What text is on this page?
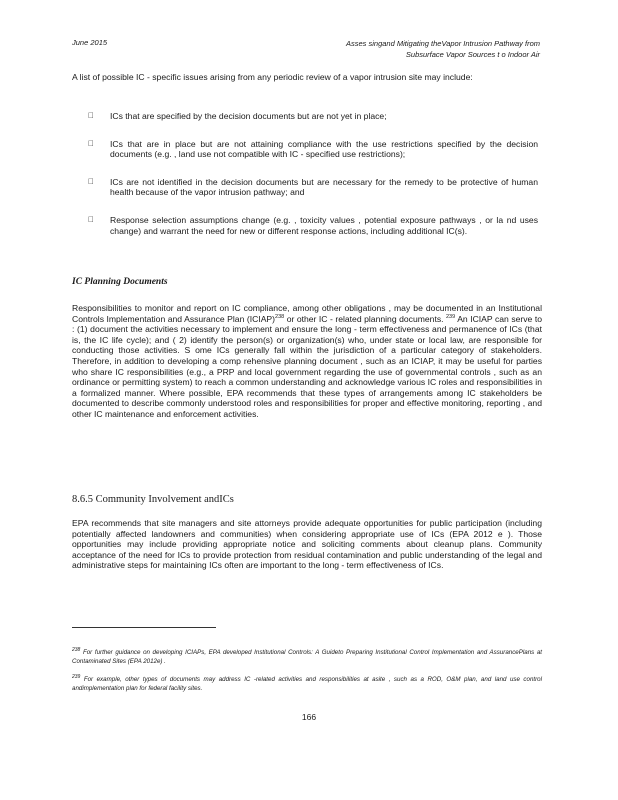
June 2015	Asses singand Mitigating theVapor Intrusion Pathway from
Subsurface Vapor Sources t o Indoor Air
A list of possible IC - specific issues arising from any periodic review of a vapor intrusion site may include:
ICs that are specified by the decision documents but are not yet in place;
ICs that are in place but are not attaining compliance with the use restrictions specified by the decision documents (e.g. , land use not compatible with IC - specified use restrictions);
ICs are not identified in the decision documents but are necessary for the remedy to be protective of human health because of the vapor intrusion pathway; and
Response selection assumptions change (e.g. , toxicity values , potential exposure pathways , or la nd uses change) and warrant the need for new or different response actions, including additional IC(s).
IC Planning Documents
Responsibilities to monitor and report on IC compliance, among other obligations , may be documented in an Institutional Controls Implementation and Assurance Plan (ICIAP)$^{238}$ or other IC - related planning documents. $^{239}$ An ICIAP can serve to : (1) document the activities necessary to implement and ensure the long - term effectiveness and permanence of ICs (that is, the IC life cycle); and ( 2) identify the person(s) or organization(s) who, under state or local law, are responsible for conducting those activities. S ome ICs generally fall within the jurisdiction of a particular category of stakeholders. Therefore, in addition to developing a comp rehensive planning document , such as an ICIAP, it may be useful for parties who share IC responsibilities (e.g., a PRP and local government regarding the use of governmental controls , such as an ordinance or permitting system) to reach a common understanding and acknowledge various IC roles and responsibilities in a formalized manner. Where possible, EPA recommends that these types of arrangements among IC stakeholders be documented to describe commonly understood roles and responsibilities for proper and effective monitoring, reporting , and other IC maintenance and enforcement activities.
8.6.5 Community Involvement andICs
EPA recommends that site managers and site attorneys provide adequate opportunities for public participation (including potentially affected landowners and communities) when considering appropriate use of ICs (EPA 2012 e ). Those opportunities may include providing appropriate notice and soliciting comments about cleanup plans. Community acceptance of the need for ICs to provide protection from residual contamination and public understanding of the legal and administrative steps for maintaining ICs often are important to the long - term effectiveness of ICs.
$^{238}$ For further guidance on developing ICIAPs, EPA developed Institutional Controls: A Guideto Preparing Institutional Control Implementation and AssurancePlans at Contaminated Sites (EPA 2012e) .
$^{239}$ For example, other types of documents may address IC -related activities and responsibilities at asite , such as a ROD, O&M plan, and land use control andimplementation plan for federal facility sites.
166
